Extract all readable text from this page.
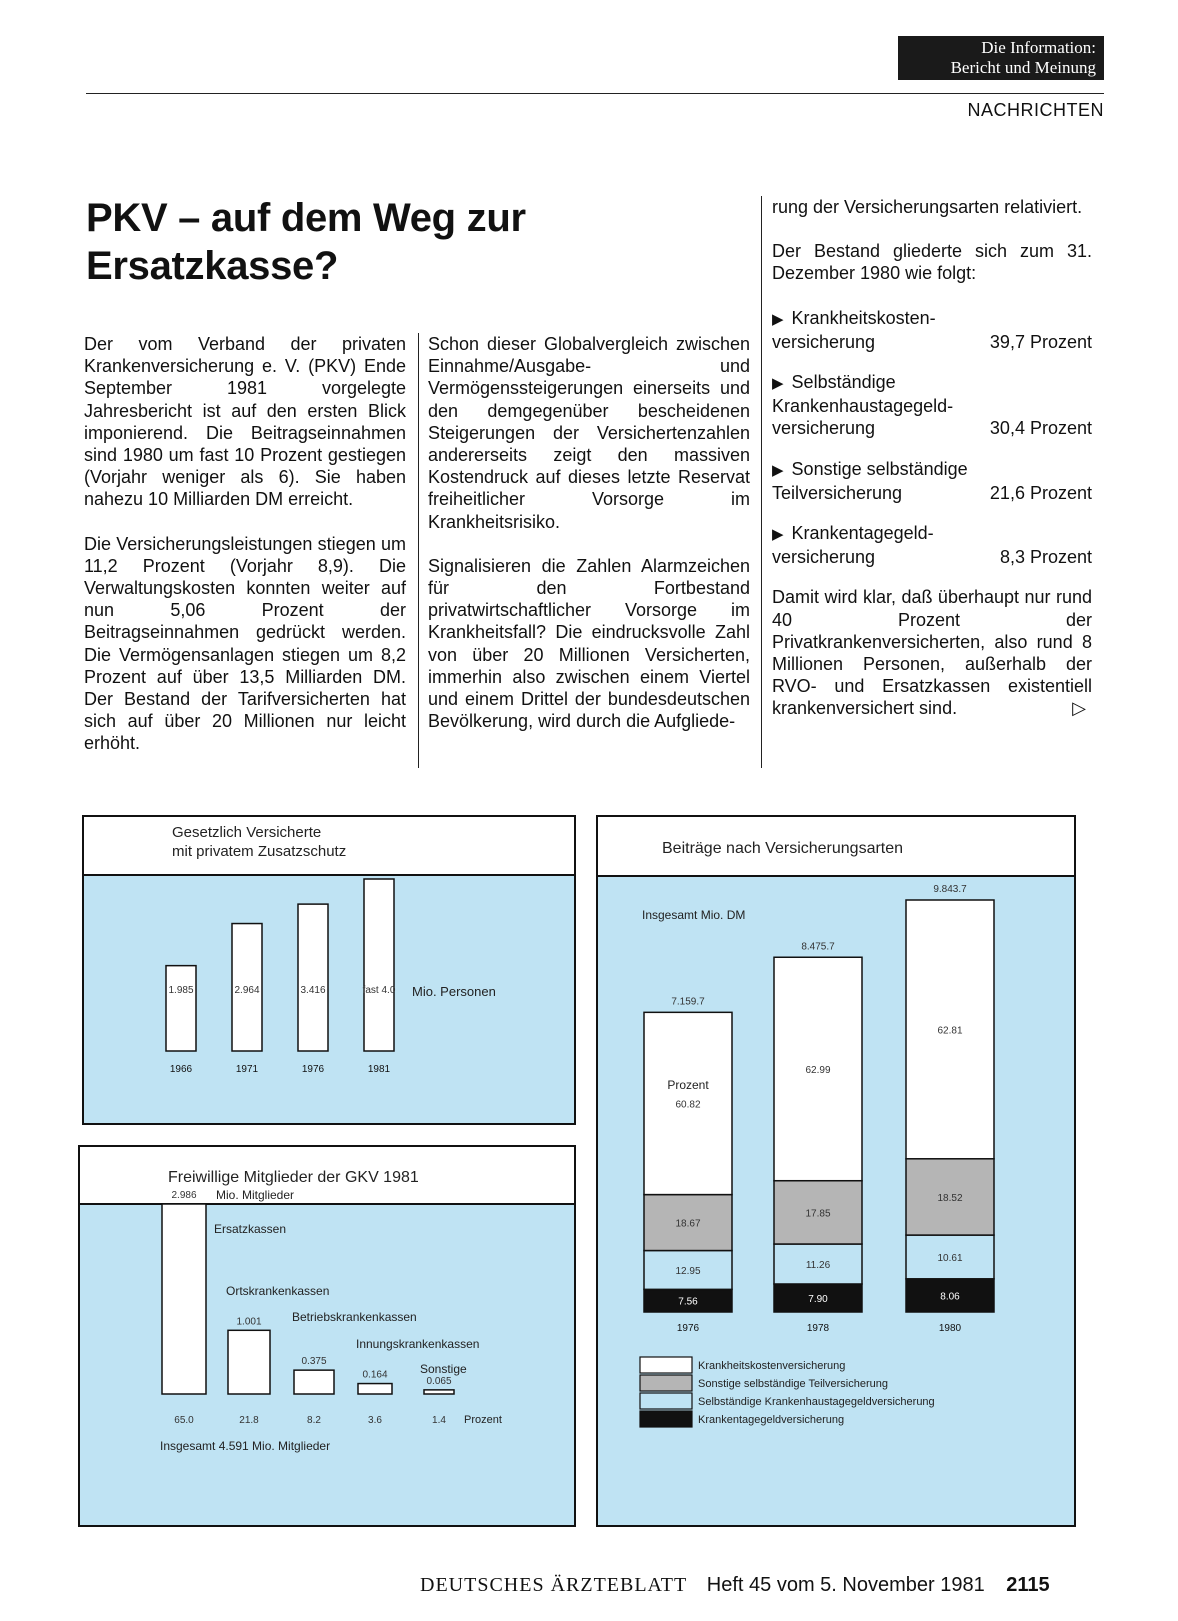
Die Information:
Bericht und Meinung
NACHRICHTEN
PKV – auf dem Weg zur
Ersatzkasse?

Der vom Verband der privaten Krankenversicherung e. V. (PKV) Ende September 1981 vorgelegte Jahresbericht ist auf den ersten Blick imponierend. Die Beitragseinnahmen sind 1980 um fast 10 Prozent gestiegen (Vorjahr weniger als 6). Sie haben nahezu 10 Milliarden DM erreicht.

Die Versicherungsleistungen stiegen um 11,2 Prozent (Vorjahr 8,9). Die Verwaltungskosten konnten weiter auf nun 5,06 Prozent der Beitragseinnahmen gedrückt werden. Die Vermögensanlagen stiegen um 8,2 Prozent auf über 13,5 Milliarden DM. Der Bestand der Tarifversicherten hat sich auf über 20 Millionen nur leicht erhöht.

Schon dieser Globalvergleich zwischen Einnahme/Ausgabe- und Vermögenssteigerungen einerseits und den demgegenüber bescheidenen Steigerungen der Versichertenzahlen andererseits zeigt den massiven Kostendruck auf dieses letzte Reservat freiheitlicher Vorsorge im Krankheitsrisiko.

Signalisieren die Zahlen Alarmzeichen für den Fortbestand privatwirtschaftlicher Vorsorge im Krankheitsfall? Die eindrucksvolle Zahl von über 20 Millionen Versicherten, immerhin also zwischen einem Viertel und einem Drittel der bundesdeutschen Bevölkerung, wird durch die Aufgliede-

rung der Versicherungsarten relativiert.

Der Bestand gliederte sich zum 31. Dezember 1980 wie folgt:

▶ Krankheitskosten-
versicherung	39,7 Prozent
▶ Selbständige
Krankenhaustagegeld-
versicherung	30,4 Prozent
▶ Sonstige selbständige
Teilversicherung	21,6 Prozent
▶ Krankentagegeld-
versicherung	8,3 Prozent

Damit wird klar, daß überhaupt nur rund 40 Prozent der Privatkrankenversicherten, also rund 8 Millionen Personen, außerhalb der RVO- und Ersatzkassen existentiell krankenversichert sind.	▷

Gesetzlich Versicherte
mit privatem Zusatzschutz
1.985
1966
2.964
1971
3.416
1976
fast 4.0
1981
Mio. Personen
Freiwillige Mitglieder der GKV 1981
2.986
Ersatzkassen
65.0
1.001
Ortskrankenkassen
21.8
0.375
Betriebskrankenkassen
8.2
0.164
Innungskrankenkassen
3.6
0.065
Sonstige
1.4
Mio. Mitglieder
Prozent
Insgesamt 4.591 Mio. Mitglieder
Beiträge nach Versicherungsarten
7.56
12.95
18.67
60.82
7.159.7
1976
7.90
11.26
17.85
62.99
8.475.7
1978
8.06
10.61
18.52
62.81
9.843.7
1980
Insgesamt Mio. DM
Prozent
Krankheitskostenversicherung
Sonstige selbständige Teilversicherung
Selbständige Krankenhaustagegeldversicherung
Krankentagegeldversicherung
DEUTSCHES ÄRZTEBLATT Heft 45 vom 5. November 1981 2115
